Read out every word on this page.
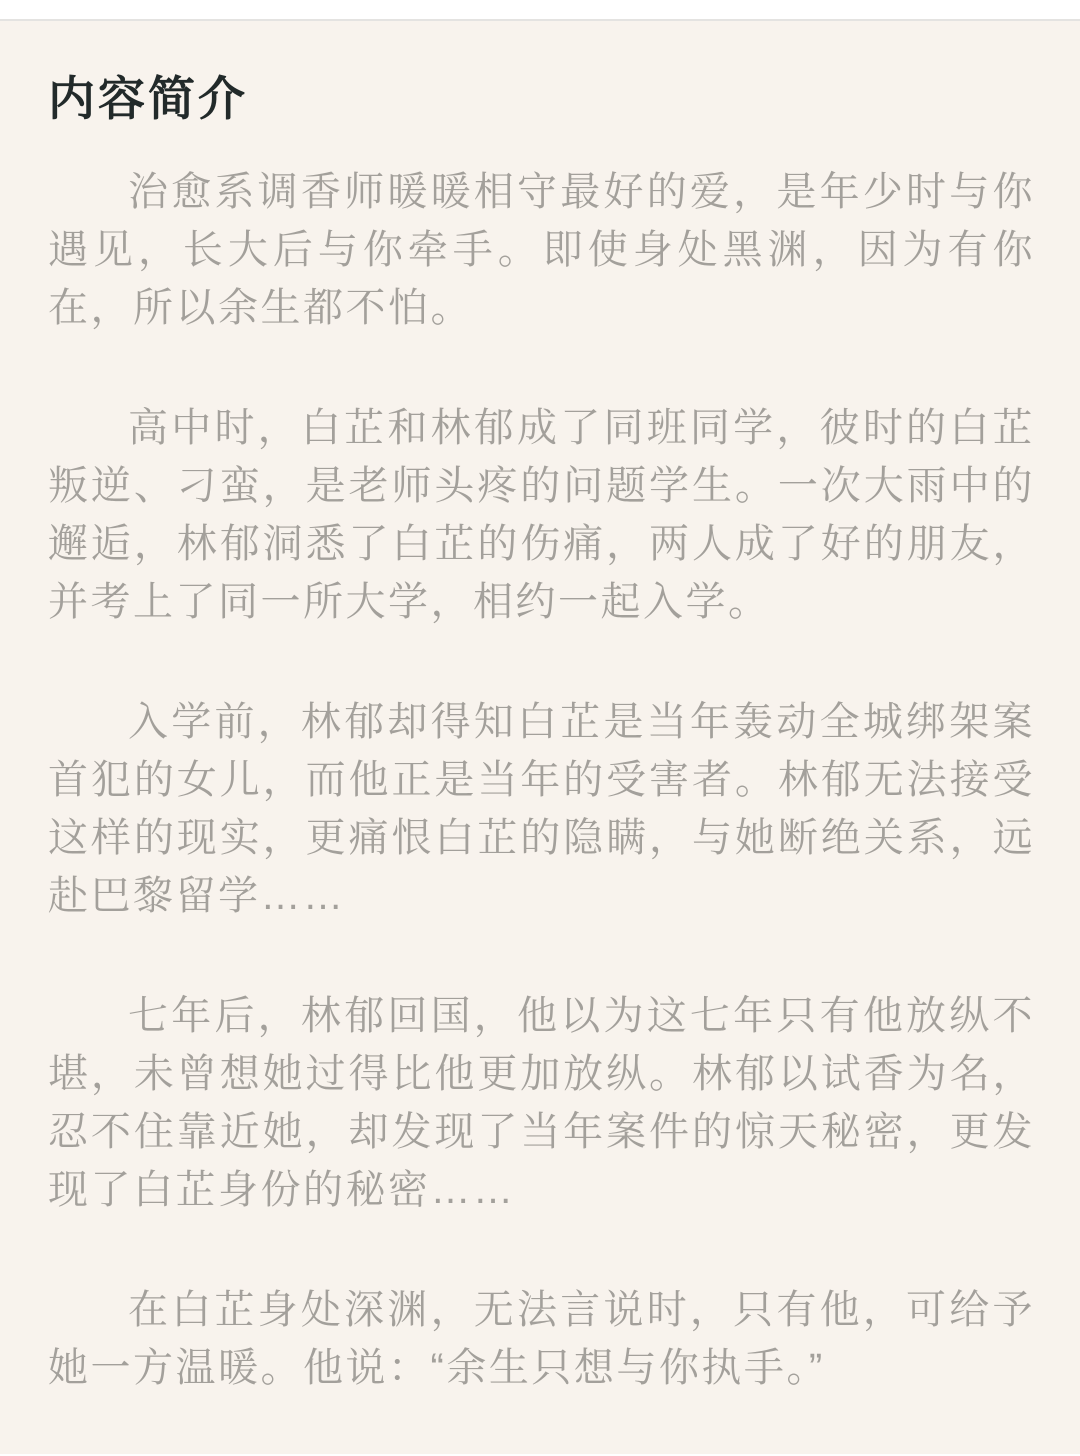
内容简介

治愈系调香师暖暖相守最好的爱，是年少时与你遇见，长大后与你牵手。即使身处黑渊，因为有你在，所以余生都不怕。

高中时，白芷和林郁成了同班同学，彼时的白芷叛逆、刁蛮，是老师头疼的问题学生。一次大雨中的邂逅，林郁洞悉了白芷的伤痛，两人成了好的朋友，并考上了同一所大学，相约一起入学。

入学前，林郁却得知白芷是当年轰动全城绑架案首犯的女儿，而他正是当年的受害者。林郁无法接受这样的现实，更痛恨白芷的隐瞒，与她断绝关系，远赴巴黎留学……

七年后，林郁回国，他以为这七年只有他放纵不堪，未曾想她过得比他更加放纵。林郁以试香为名，忍不住靠近她，却发现了当年案件的惊天秘密，更发现了白芷身份的秘密……

在白芷身处深渊，无法言说时，只有他，可给予她一方温暖。他说：“余生只想与你执手。”
